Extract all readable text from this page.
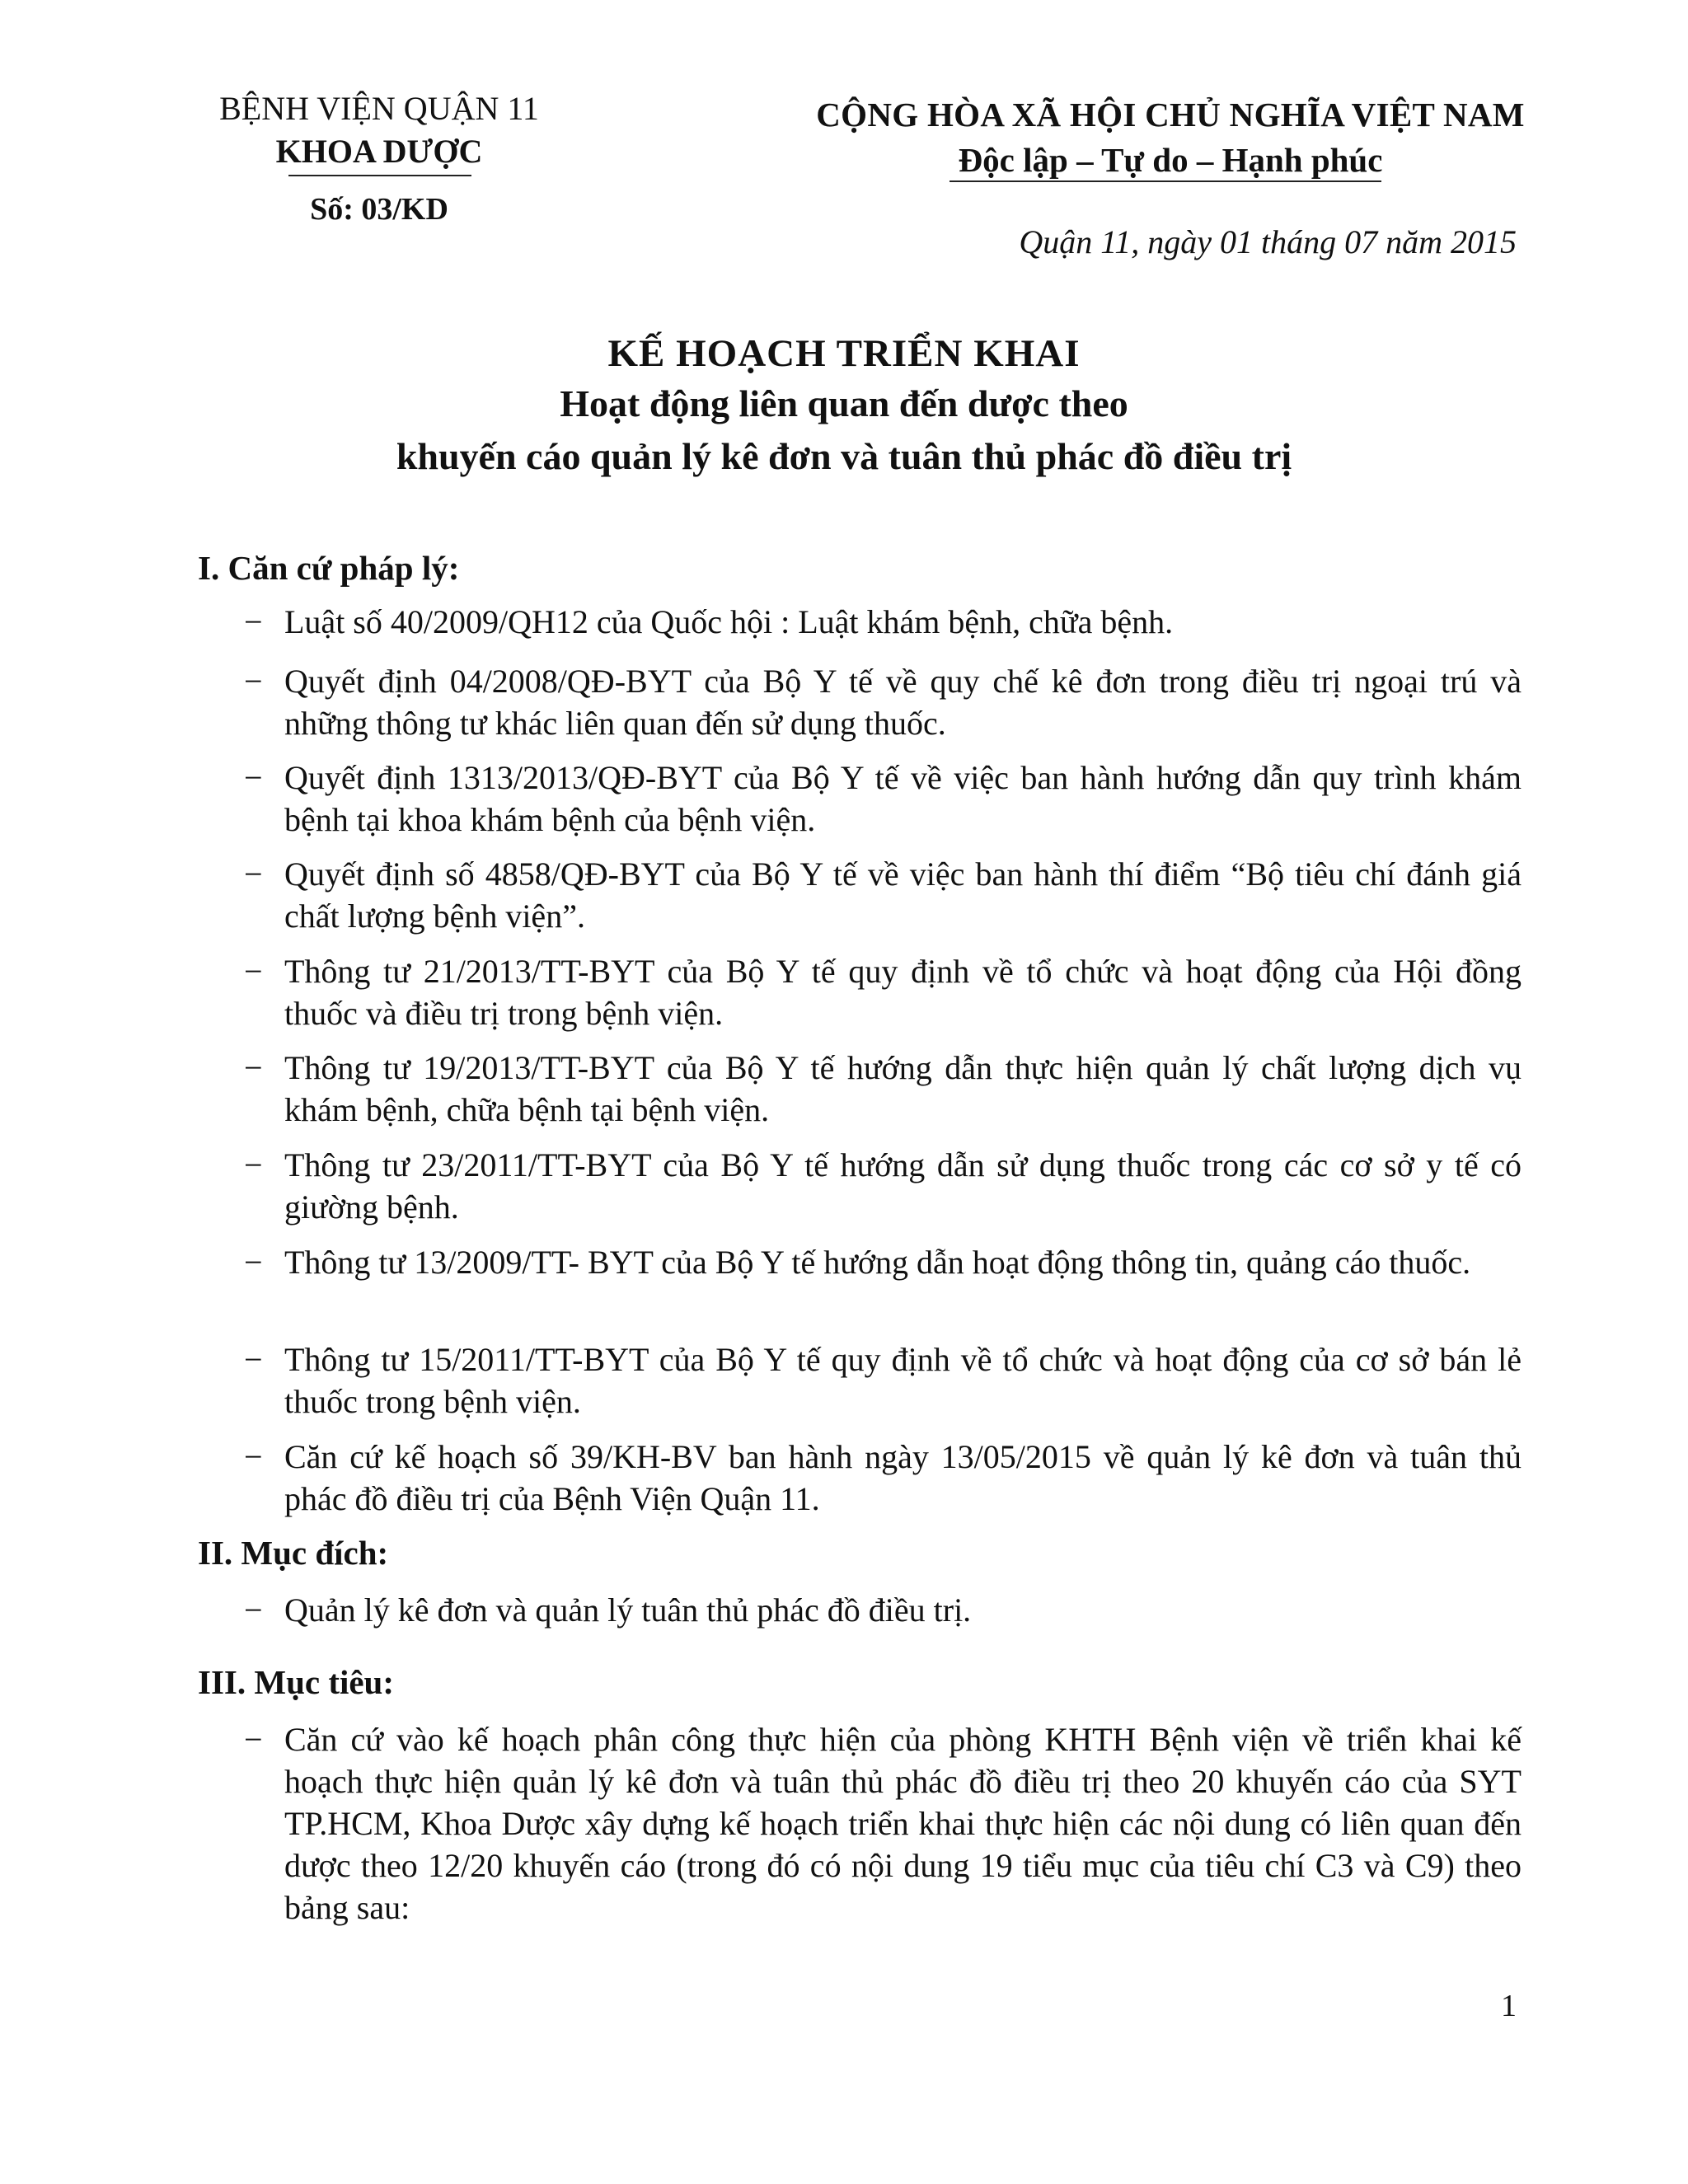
BỆNH VIỆN QUẬN 11
KHOA DƯỢC
Số: 03/KD
CỘNG HÒA XÃ HỘI CHỦ NGHĨA VIỆT NAM
Độc lập – Tự do – Hạnh phúc
Quận 11, ngày 01 tháng 07 năm 2015
KẾ HOẠCH TRIỂN KHAI
Hoạt động liên quan đến dược theo
khuyến cáo quản lý kê đơn và tuân thủ phác đồ điều trị
I. Căn cứ pháp lý:
− Luật số 40/2009/QH12 của Quốc hội : Luật khám bệnh, chữa bệnh.
− Quyết định 04/2008/QĐ-BYT của Bộ Y tế về quy chế kê đơn trong điều trị ngoại trú và những thông tư khác liên quan đến sử dụng thuốc.
− Quyết định 1313/2013/QĐ-BYT của Bộ Y tế về việc ban hành hướng dẫn quy trình khám bệnh tại khoa khám bệnh của bệnh viện.
− Quyết định số 4858/QĐ-BYT của Bộ Y tế về việc ban hành thí điểm “Bộ tiêu chí đánh giá chất lượng bệnh viện”.
− Thông tư 21/2013/TT-BYT của Bộ Y tế quy định về tổ chức và hoạt động của Hội đồng thuốc và điều trị trong bệnh viện.
− Thông tư 19/2013/TT-BYT của Bộ Y tế hướng dẫn thực hiện quản lý chất lượng dịch vụ khám bệnh, chữa bệnh tại bệnh viện.
− Thông tư 23/2011/TT-BYT của Bộ Y tế hướng dẫn sử dụng thuốc trong các cơ sở y tế có giường bệnh.
− Thông tư 13/2009/TT- BYT của Bộ Y tế hướng dẫn hoạt động thông tin, quảng cáo thuốc.
− Thông tư 15/2011/TT-BYT của Bộ Y tế quy định về tổ chức và hoạt động của cơ sở bán lẻ thuốc trong bệnh viện.
− Căn cứ kế hoạch số 39/KH-BV ban hành ngày 13/05/2015 về quản lý kê đơn và tuân thủ phác đồ điều trị của Bệnh Viện Quận 11.
II. Mục đích:
− Quản lý kê đơn và quản lý tuân thủ phác đồ điều trị.
III. Mục tiêu:
− Căn cứ vào kế hoạch phân công thực hiện của phòng KHTH Bệnh viện về triển khai kế hoạch thực hiện quản lý kê đơn và tuân thủ phác đồ điều trị theo 20 khuyến cáo của SYT TP.HCM, Khoa Dược xây dựng kế hoạch triển khai thực hiện các nội dung có liên quan đến dược theo 12/20 khuyến cáo (trong đó có nội dung 19 tiểu mục của tiêu chí C3 và C9) theo bảng sau:
1
